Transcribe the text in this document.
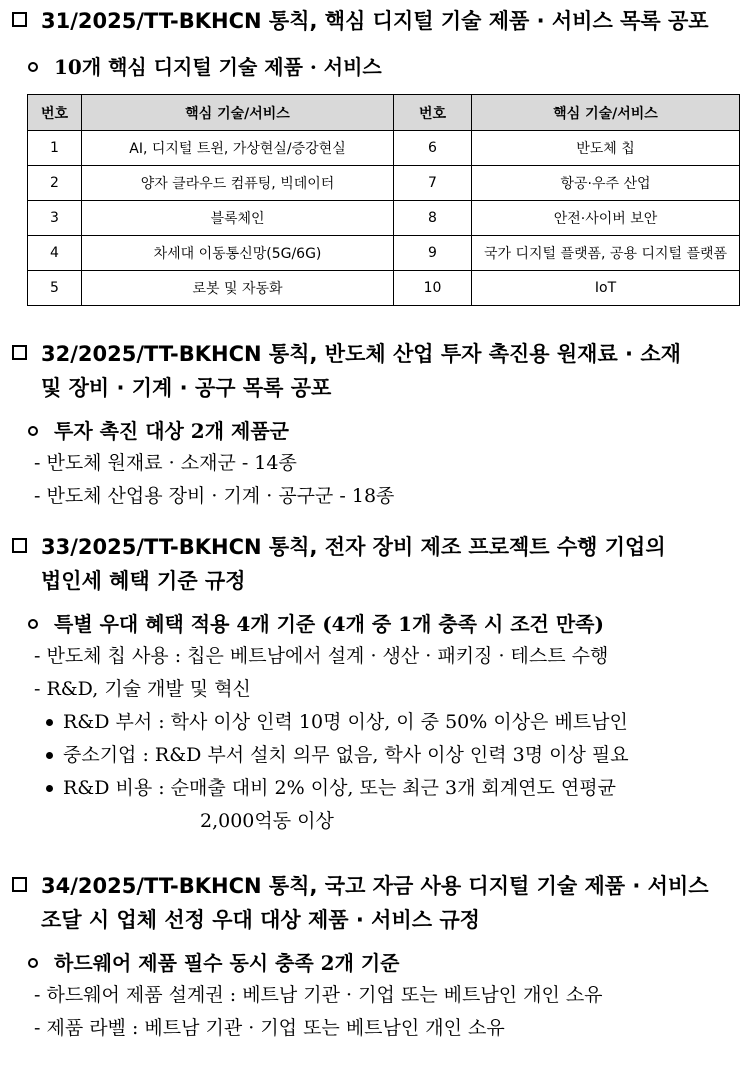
31/2025/TT-BKHCN 통칙, 핵심 디지털 기술 제품 · 서비스 목록 공포
10개 핵심 디지털 기술 제품 · 서비스
번호	핵심 기술/서비스	번호	핵심 기술/서비스
1	AI, 디지털 트윈, 가상현실/증강현실	6	반도체 칩
2	양자 클라우드 컴퓨팅, 빅데이터	7	항공·우주 산업
3	블록체인	8	안전·사이버 보안
4	차세대 이동통신망(5G/6G)	9	국가 디지털 플랫폼, 공용 디지털 플랫폼
5	로봇 및 자동화	10	IoT
32/2025/TT-BKHCN 통칙, 반도체 산업 투자 촉진용 원재료 · 소재
및 장비 · 기계 · 공구 목록 공포
투자 촉진 대상 2개 제품군
- 반도체 원재료 · 소재군 - 14종
- 반도체 산업용 장비 · 기계 · 공구군 - 18종
33/2025/TT-BKHCN 통칙, 전자 장비 제조 프로젝트 수행 기업의
법인세 혜택 기준 규정
특별 우대 혜택 적용 4개 기준 (4개 중 1개 충족 시 조건 만족)
- 반도체 칩 사용 : 칩은 베트남에서 설계 · 생산 · 패키징 · 테스트 수행
- R&D, 기술 개발 및 혁신
R&D 부서 : 학사 이상 인력 10명 이상, 이 중 50% 이상은 베트남인
중소기업 : R&D 부서 설치 의무 없음, 학사 이상 인력 3명 이상 필요
R&D 비용 : 순매출 대비 2% 이상, 또는 최근 3개 회계연도 연평균
2,000억동 이상
34/2025/TT-BKHCN 통칙, 국고 자금 사용 디지털 기술 제품 · 서비스
조달 시 업체 선정 우대 대상 제품 · 서비스 규정
하드웨어 제품 필수 동시 충족 2개 기준
- 하드웨어 제품 설계권 : 베트남 기관 · 기업 또는 베트남인 개인 소유
- 제품 라벨 : 베트남 기관 · 기업 또는 베트남인 개인 소유
